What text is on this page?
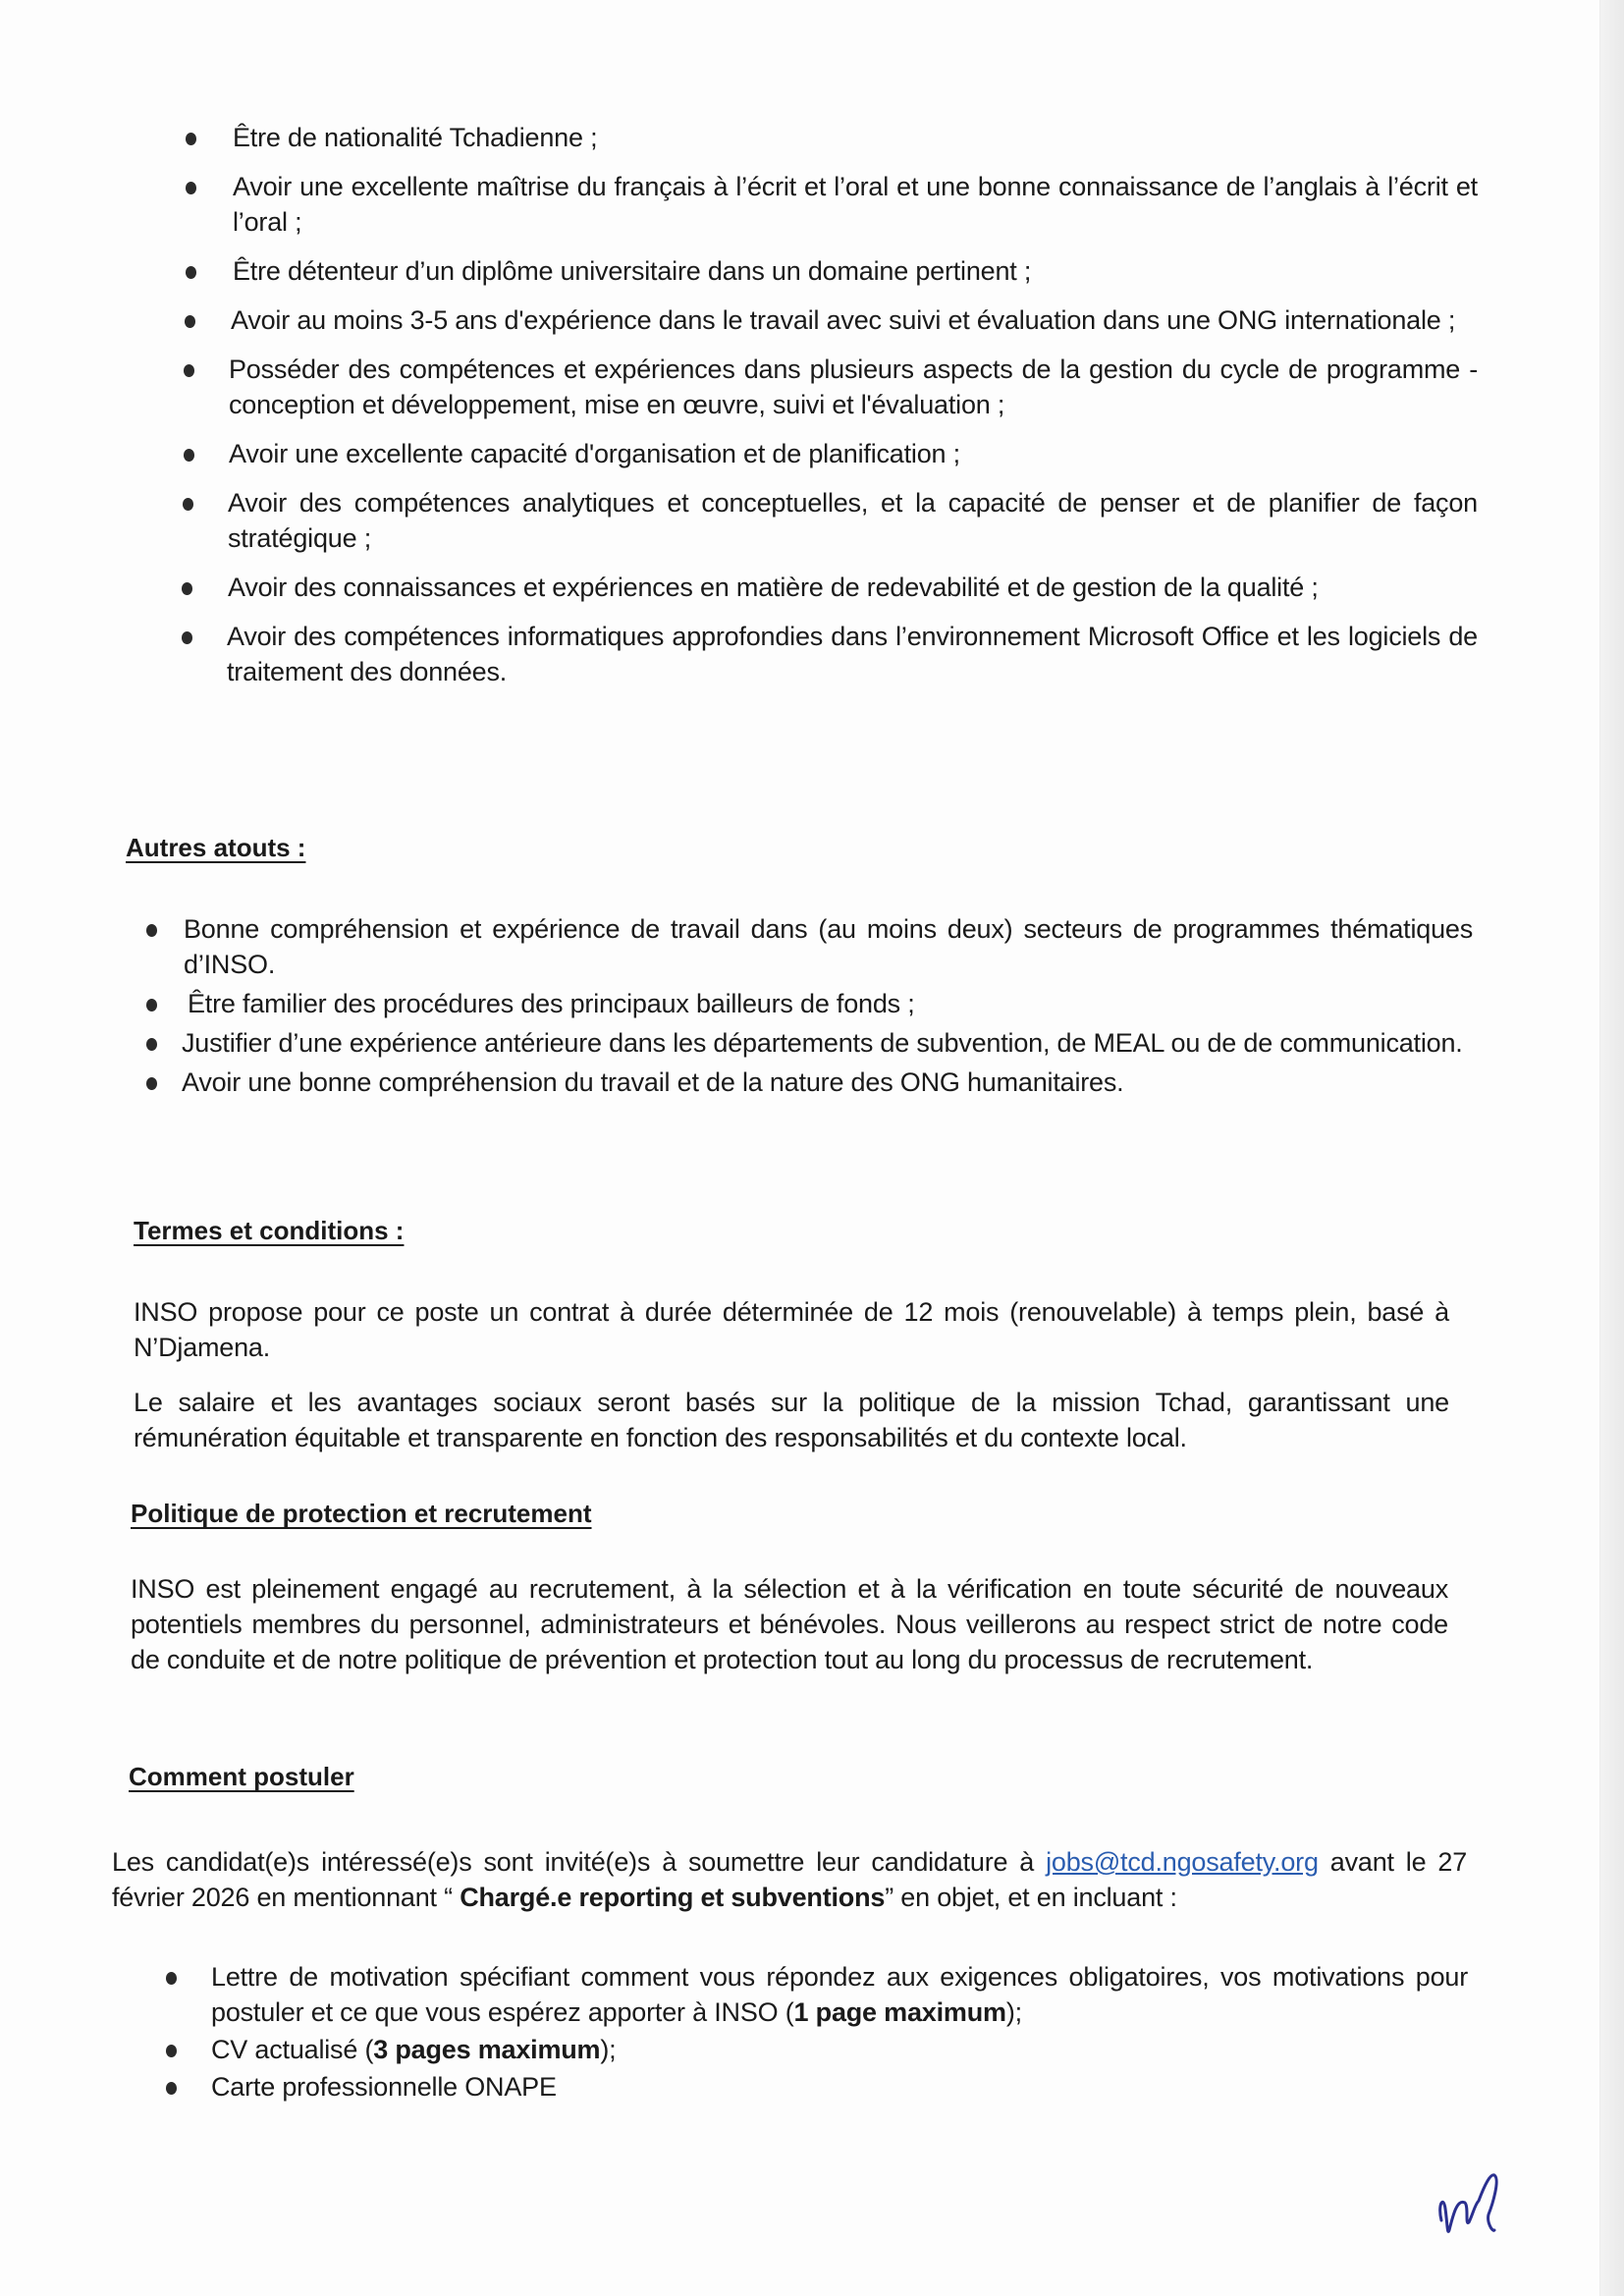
Être de nationalité Tchadienne ;
Avoir une excellente maîtrise du français à l’écrit et l’oral et une bonne connaissance de l’anglais à l’écrit et l’oral ;
Être détenteur d’un diplôme universitaire dans un domaine pertinent ;
Avoir au moins 3-5 ans d'expérience dans le travail avec suivi et évaluation dans une ONG internationale ;
Posséder des compétences et expériences dans plusieurs aspects de la gestion du cycle de programme - conception et développement, mise en œuvre, suivi et l'évaluation ;
Avoir une excellente capacité d'organisation et de planification ;
Avoir des compétences analytiques et conceptuelles, et la capacité de penser et de planifier de façon stratégique ;
Avoir des connaissances et expériences en matière de redevabilité et de gestion de la qualité ;
Avoir des compétences informatiques approfondies dans l’environnement Microsoft Office et les logiciels de traitement des données.
Autres atouts :
Bonne compréhension et expérience de travail dans (au moins deux) secteurs de programmes thématiques d’INSO.
Être familier des procédures des principaux bailleurs de fonds ;
Justifier d’une expérience antérieure dans les départements de subvention, de MEAL ou de de communication.
Avoir une bonne compréhension du travail et de la nature des ONG humanitaires.
Termes et conditions :

INSO propose pour ce poste un contrat à durée déterminée de 12 mois (renouvelable) à temps plein, basé à N’Djamena.

Le salaire et les avantages sociaux seront basés sur la politique de la mission Tchad, garantissant une rémunération équitable et transparente en fonction des responsabilités et du contexte local.

Politique de protection et recrutement

INSO est pleinement engagé au recrutement, à la sélection et à la vérification en toute sécurité de nouveaux potentiels membres du personnel, administrateurs et bénévoles. Nous veillerons au respect strict de notre code de conduite et de notre politique de prévention et protection tout au long du processus de recrutement.

Comment postuler

Les candidat(e)s intéressé(e)s sont invité(e)s à soumettre leur candidature à jobs@tcd.ngosafety.org avant le 27 février 2026 en mentionnant “ Chargé.e reporting et subventions” en objet, et en incluant :

Lettre de motivation spécifiant comment vous répondez aux exigences obligatoires, vos motivations pour postuler et ce que vous espérez apporter à INSO (1 page maximum);
CV actualisé (3 pages maximum);
Carte professionnelle ONAPE
